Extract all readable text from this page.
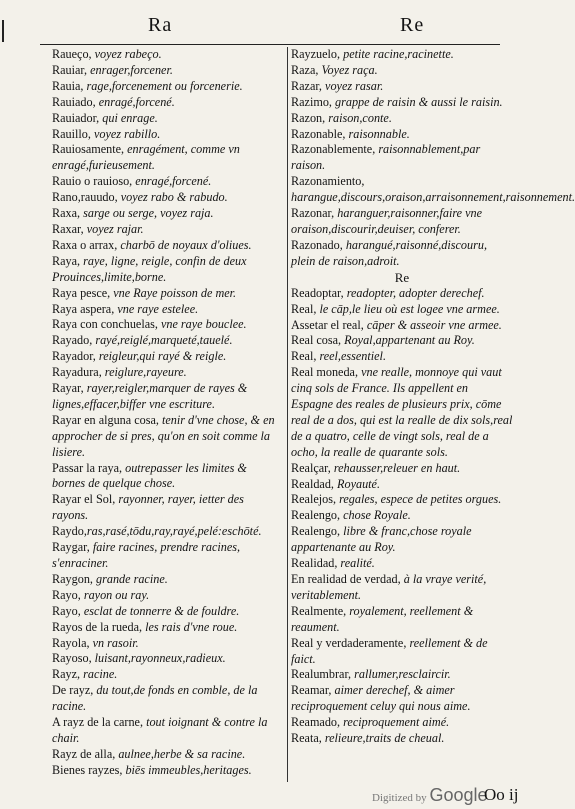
Ra	Re

Raueço, voyez rabeço.

Rauiar, enrager,forcener.

Rauia, rage,forcenement ou forcenerie.

Rauiado, enragé,forcené.

Rauiador, qui enrage.

Rauillo, voyez rabillo.

Rauiosamente, enragément, comme vn enragé,furieusement.

Rauio o rauioso, enragé,forcené.

Rano,rauudo, voyez rabo & rabudo.

Raxa, sarge ou serge, voyez raja.

Raxar, voyez rajar.

Raxa o arrax, charbō de noyaux d'oliues.

Raya, raye, ligne, reigle, confin de deux Prouinces,limite,borne.

Raya pesce, vne Raye poisson de mer.

Raya aspera, vne raye estelee.

Raya con conchuelas, vne raye bouclee.

Rayado, rayé,reiglé,marqueté,tauelé.

Rayador, reigleur,qui rayé & reigle.

Rayadura, reiglure,rayeure.

Rayar, rayer,reigler,marquer de rayes & lignes,effacer,biffer vne escriture.

Rayar en alguna cosa, tenir d'vne chose, & en approcher de si pres, qu'on en soit comme la lisiere.

Passar la raya, outrepasser les limites & bornes de quelque chose.

Rayar el Sol, rayonner, rayer, ietter des rayons.

Raydo,ras,rasé,tōdu,ray,rayé,pelé:eschōté.

Raygar, faire racines, prendre racines, s'enraciner.

Raygon, grande racine.

Rayo, rayon ou ray.

Rayo, esclat de tonnerre & de fouldre.

Rayos de la rueda, les rais d'vne roue.

Rayola, vn rasoir.

Rayoso, luisant,rayonneux,radieux.

Rayz, racine.

De rayz, du tout,de fonds en comble, de la racine.

A rayz de la carne, tout ioignant & contre la chair.

Rayz de alla, aulnee,herbe & sa racine.

Bienes rayzes, biēs immeubles,heritages.

Rayzuelo, petite racine,racinette.

Raza, Voyez raça.

Razar, voyez rasar.

Razimo, grappe de raisin & aussi le raisin.

Razon, raison,conte.

Razonable, raisonnable.

Razonablemente, raisonnablement,par raison.

Razonamiento, harangue,discours,oraison,arraisonnement,raisonnement.

Razonar, haranguer,raisonner,faire vne oraison,discourir,deuiser, conferer.

Razonado, harangué,raisonné,discouru, plein de raison,adroit.

Re

Readoptar, readopter, adopter derechef.

Real, le cāp,le lieu où est logee vne armee.

Assetar el real, cāper & asseoir vne armee.

Real cosa, Royal,appartenant au Roy.

Real, reel,essentiel.

Real moneda, vne realle, monnoye qui vaut cinq sols de France. Ils appellent en Espagne des reales de plusieurs prix, cōme real de a dos, qui est la realle de dix sols,real de a quatro, celle de vingt sols, real de a ocho, la realle de quarante sols.

Realçar, rehausser,releuer en haut.

Realdad, Royauté.

Realejos, regales, espece de petites orgues.

Realengo, chose Royale.

Realengo, libre & franc,chose royale appartenante au Roy.

Realidad, realité.

En realidad de verdad, à la vraye verité, veritablement.

Realmente, royalement, reellement & reaument.

Real y verdaderamente, reellement & de faict.

Realumbrar, rallumer,resclaircir.

Reamar, aimer derechef, & aimer reciproquement celuy qui nous aime.

Reamado, reciproquement aimé.

Reata, relieure,traits de cheual.

Digitized by Google
Oo ij
